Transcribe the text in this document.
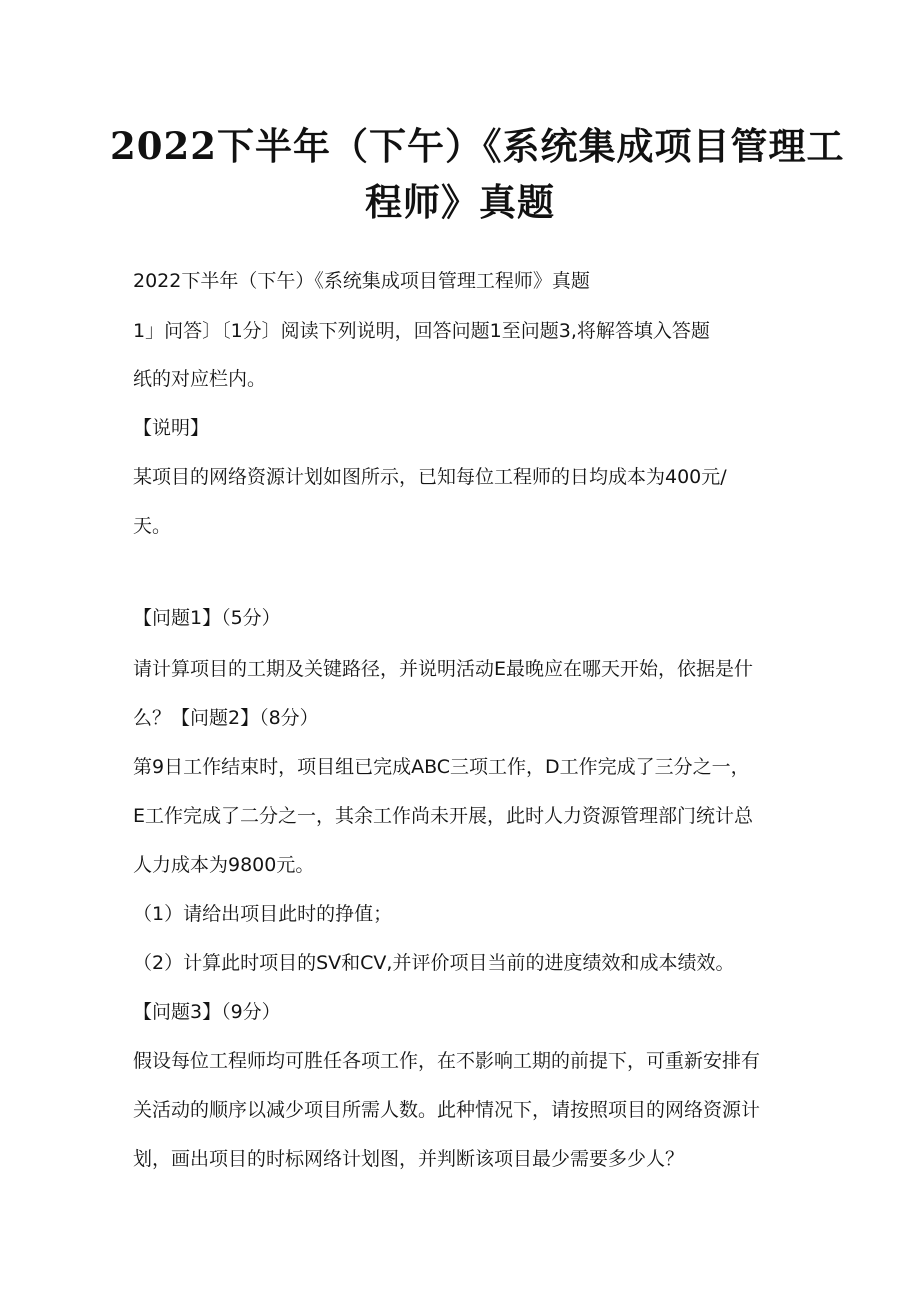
2022下半年（下午）《系统集成项目管理工
程师》真题

2022下半年（下午）《系统集成项目管理工程师》真题

1」问答〕〔1分〕阅读下列说明，回答问题1至问题3,将解答填入答题

纸的对应栏内。

【说明】

某项目的网络资源计划如图所示，已知每位工程师的日均成本为400元/

天。

【问题1】（5分）

请计算项目的工期及关键路径，并说明活动E最晚应在哪天开始，依据是什

么？【问题2】（8分）

第9日工作结束时，项目组已完成ABC三项工作，D工作完成了三分之一，

E工作完成了二分之一，其余工作尚未开展，此时人力资源管理部门统计总

人力成本为9800元。

（1）请给出项目此时的挣值；

（2）计算此时项目的SV和CV,并评价项目当前的进度绩效和成本绩效。

【问题3】（9分）

假设每位工程师均可胜任各项工作，在不影响工期的前提下，可重新安排有

关活动的顺序以减少项目所需人数。此种情况下，请按照项目的网络资源计

划，画出项目的时标网络计划图，并判断该项目最少需要多少人？
